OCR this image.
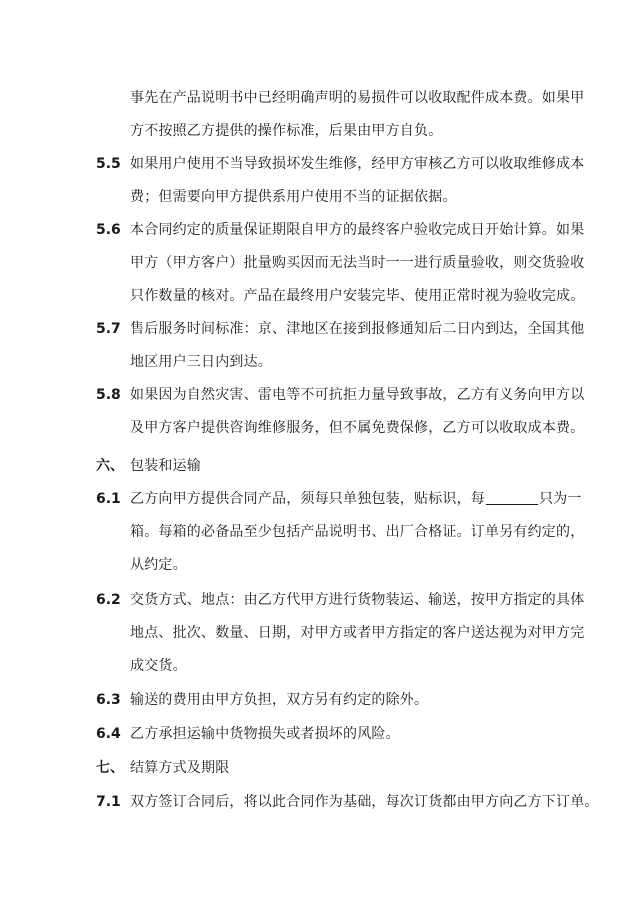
事先在产品说明书中已经明确声明的易损件可以收取配件成本费。如果甲
方不按照乙方提供的操作标准，后果由甲方自负。
5.5 如果用户使用不当导致损坏发生维修，经甲方审核乙方可以收取维修成本
费；但需要向甲方提供系用户使用不当的证据依据。
5.6 本合同约定的质量保证期限自甲方的最终客户验收完成日开始计算。如果
甲方（甲方客户）批量购买因而无法当时一一进行质量验收，则交货验收
只作数量的核对。产品在最终用户安装完毕、使用正常时视为验收完成。
5.7 售后服务时间标准：京、津地区在接到报修通知后二日内到达，全国其他
地区用户三日内到达。
5.8 如果因为自然灾害、雷电等不可抗拒力量导致事故，乙方有义务向甲方以
及甲方客户提供咨询维修服务，但不属免费保修，乙方可以收取成本费。
六、 包装和运输
6.1 乙方向甲方提供合同产品，须每只单独包装，贴标识，每	只为一
箱。每箱的必备品至少包括产品说明书、出厂合格证。订单另有约定的，
从约定。
6.2 交货方式、地点：由乙方代甲方进行货物装运、输送，按甲方指定的具体
地点、批次、数量、日期，对甲方或者甲方指定的客户送达视为对甲方完
成交货。
6.3 输送的费用由甲方负担，双方另有约定的除外。
6.4 乙方承担运输中货物损失或者损坏的风险。
七、 结算方式及期限
7.1 双方签订合同后，将以此合同作为基础，每次订货都由甲方向乙方下订单。
